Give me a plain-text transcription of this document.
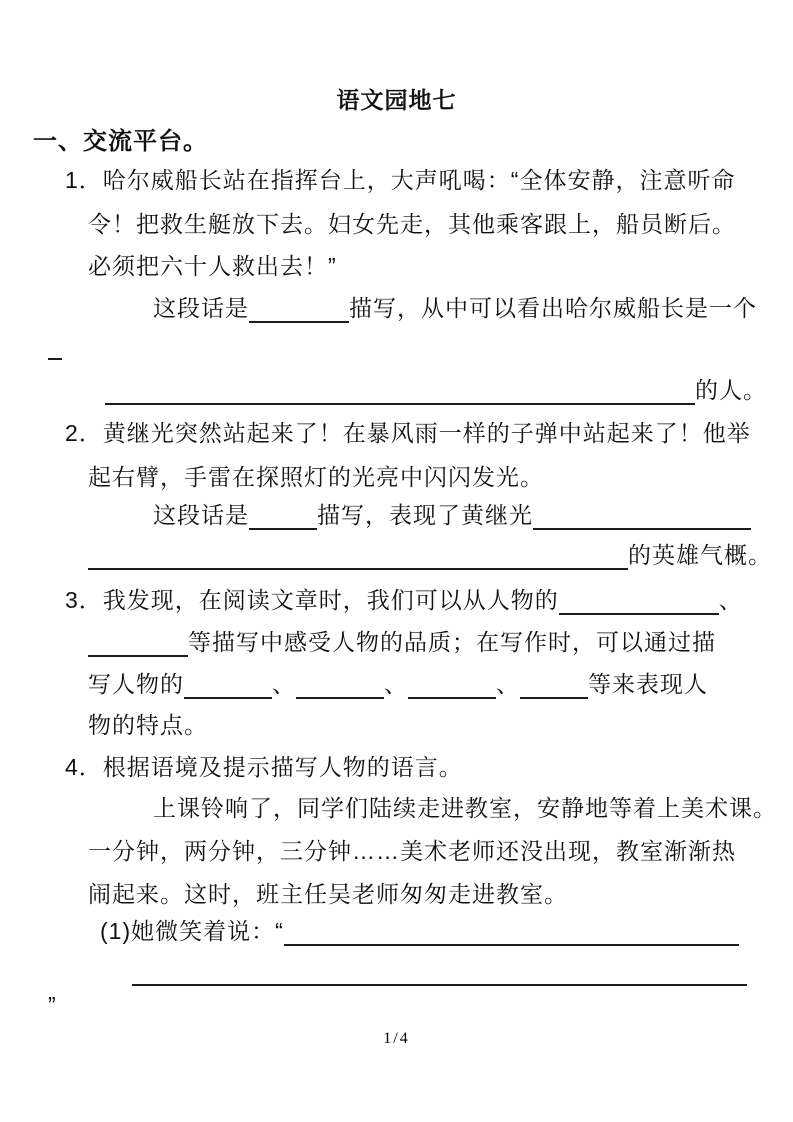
语文园地七
一、交流平台。
1．哈尔威船长站在指挥台上，大声吼喝：“全体安静，注意听命
令！把救生艇放下去。妇女先走，其他乘客跟上，船员断后。
必须把六十人救出去！”
这段话是	描写，从中可以看出哈尔威船长是一个
的人。
2．黄继光突然站起来了！在暴风雨一样的子弹中站起来了！他举
起右臂，手雷在探照灯的光亮中闪闪发光。
这段话是	描写，表现了黄继光
的英雄气概。
3．我发现，在阅读文章时，我们可以从人物的	、
等描写中感受人物的品质；在写作时，可以通过描
写人物的	、	、	、	等来表现人
物的特点。
4．根据语境及提示描写人物的语言。
上课铃响了，同学们陆续走进教室，安静地等着上美术课。
一分钟，两分钟，三分钟……美术老师还没出现，教室渐渐热
闹起来。这时，班主任吴老师匆匆走进教室。
(1)她微笑着说：“
”
1/4
